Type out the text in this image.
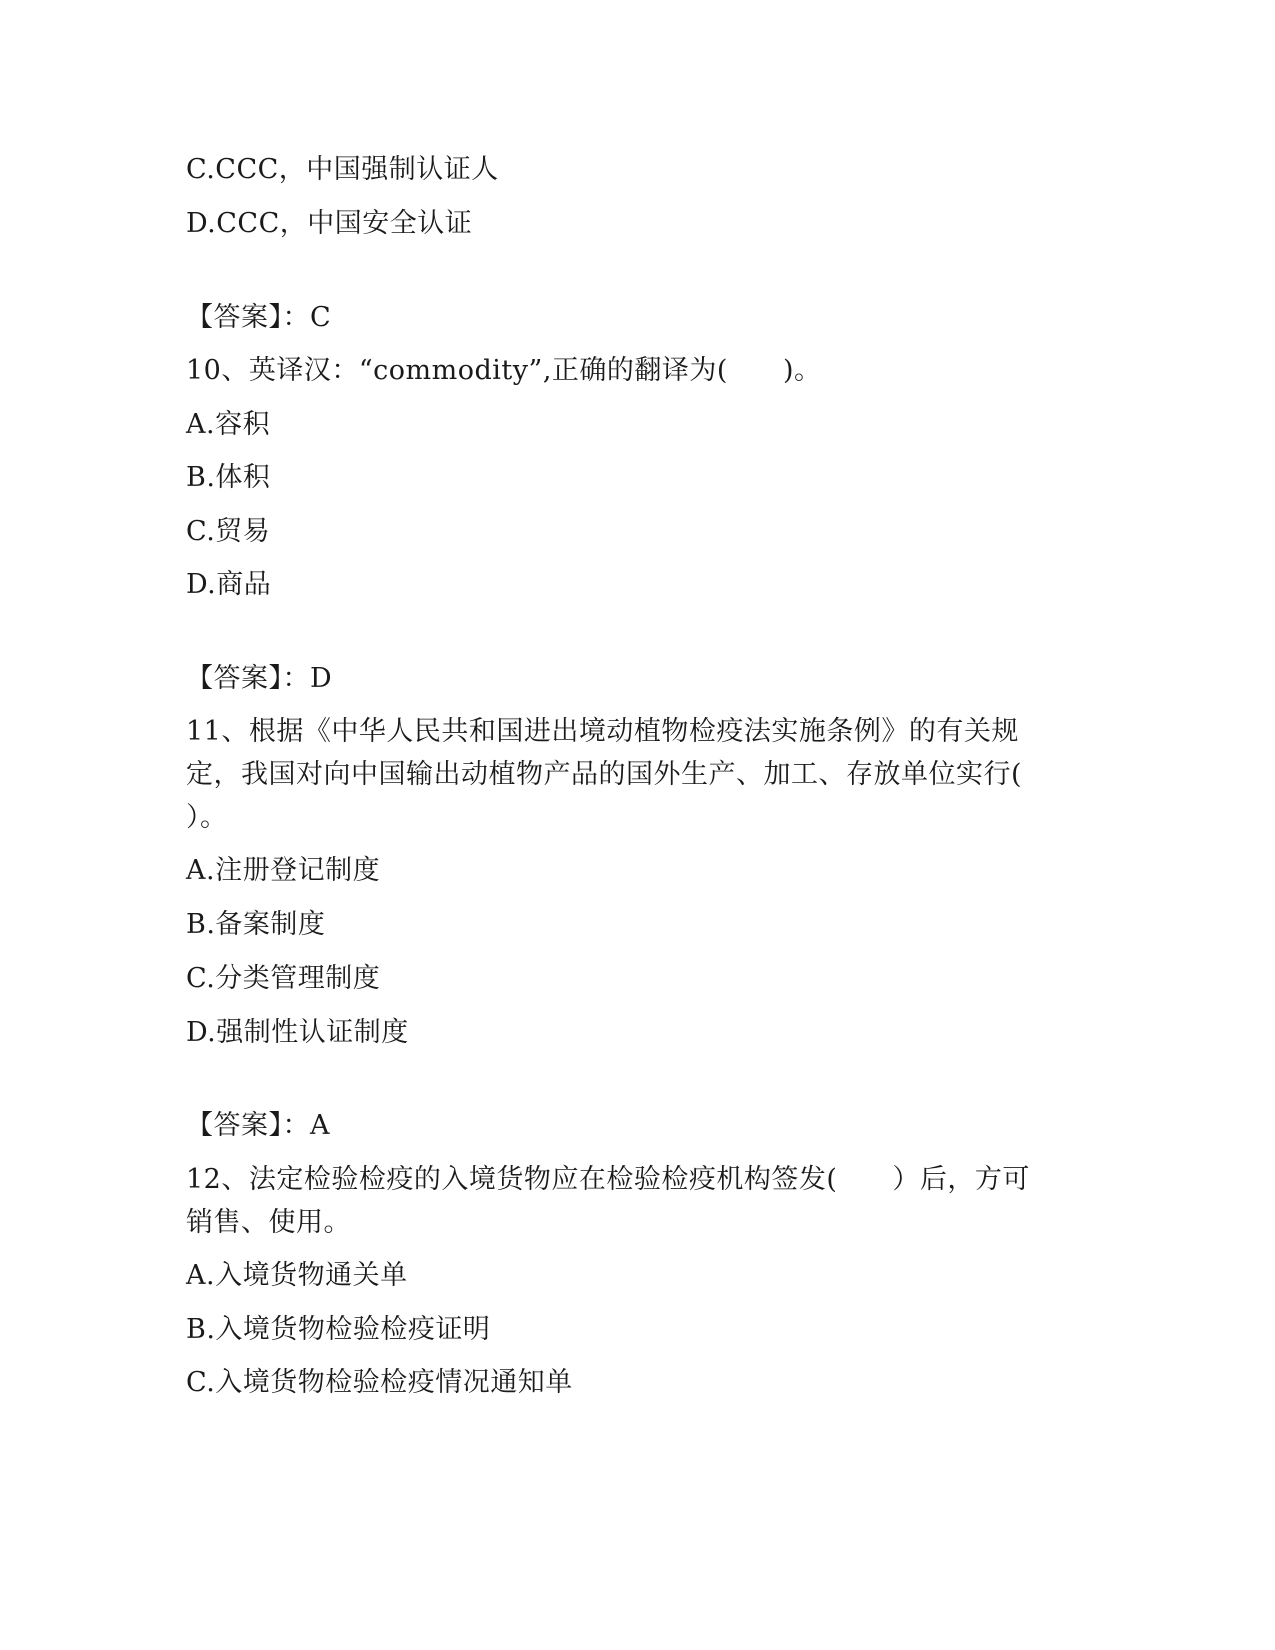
C.CCC，中国强制认证人
D.CCC，中国安全认证
【答案】：C
10、英译汉：“commodity”,正确的翻译为(　　)。
A.容积
B.体积
C.贸易
D.商品
【答案】：D
11、根据《中华人民共和国进出境动植物检疫法实施条例》的有关规
定，我国对向中国输出动植物产品的国外生产、加工、存放单位实行(
）。
A.注册登记制度
B.备案制度
C.分类管理制度
D.强制性认证制度
【答案】：A
12、法定检验检疫的入境货物应在检验检疫机构签发(　　）后，方可
销售、使用。
A.入境货物通关单
B.入境货物检验检疫证明
C.入境货物检验检疫情况通知单
